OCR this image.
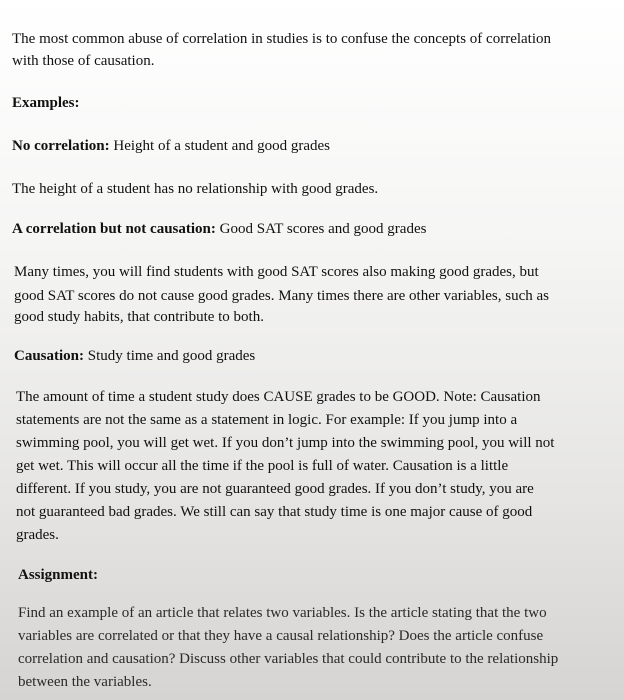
The most common abuse of correlation in studies is to confuse the concepts of correlation
with those of causation.
Examples:
No correlation: Height of a student and good grades
The height of a student has no relationship with good grades.
A correlation but not causation: Good SAT scores and good grades
Many times, you will find students with good SAT scores also making good grades, but
good SAT scores do not cause good grades. Many times there are other variables, such as
good study habits, that contribute to both.
Causation: Study time and good grades
The amount of time a student study does CAUSE grades to be GOOD. Note: Causation
statements are not the same as a statement in logic. For example: If you jump into a
swimming pool, you will get wet. If you don’t jump into the swimming pool, you will not
get wet. This will occur all the time if the pool is full of water. Causation is a little
different. If you study, you are not guaranteed good grades. If you don’t study, you are
not guaranteed bad grades. We still can say that study time is one major cause of good
grades.
Assignment:
Find an example of an article that relates two variables. Is the article stating that the two
variables are correlated or that they have a causal relationship? Does the article confuse
correlation and causation? Discuss other variables that could contribute to the relationship
between the variables.
